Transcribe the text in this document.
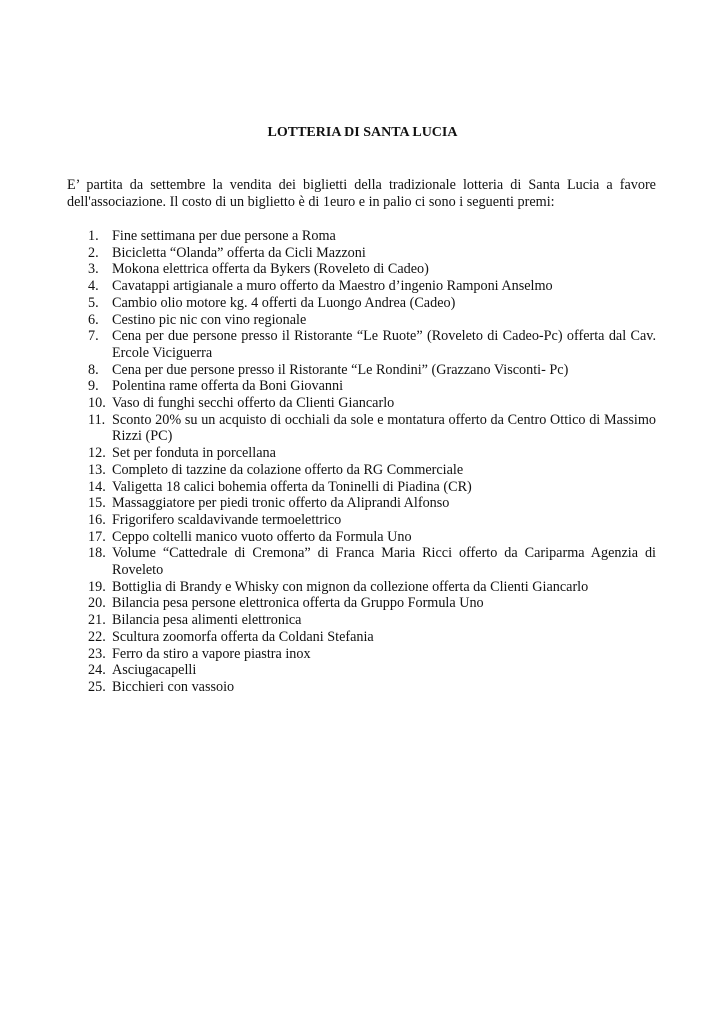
LOTTERIA DI SANTA LUCIA

E’ partita da settembre la vendita dei biglietti della tradizionale lotteria di Santa Lucia a favore dell'associazione. Il costo di un biglietto è di 1euro e in palio ci sono i seguenti premi:

1. Fine settimana per due persone a Roma
2. Bicicletta “Olanda” offerta da Cicli Mazzoni
3. Mokona elettrica offerta da Bykers (Roveleto di Cadeo)
4. Cavatappi artigianale a muro offerto da Maestro d’ingenio Ramponi Anselmo
5. Cambio olio motore kg. 4 offerti da Luongo Andrea (Cadeo)
6. Cestino pic nic con vino regionale
7. Cena per due persone presso il Ristorante “Le Ruote” (Roveleto di Cadeo-Pc) offerta dal Cav. Ercole Viciguerra
8. Cena per due persone presso il Ristorante “Le Rondini” (Grazzano Visconti- Pc)
9. Polentina rame offerta da Boni Giovanni
10. Vaso di funghi secchi offerto da Clienti Giancarlo
11. Sconto 20% su un acquisto di occhiali da sole e montatura offerto da Centro Ottico di Massimo Rizzi (PC)
12. Set per fonduta in porcellana
13. Completo di tazzine da colazione offerto da RG Commerciale
14. Valigetta 18 calici bohemia offerta da Toninelli di Piadina (CR)
15. Massaggiatore per piedi tronic offerto da Aliprandi Alfonso
16. Frigorifero scaldavivande termoelettrico
17. Ceppo coltelli manico vuoto offerto da Formula Uno
18. Volume “Cattedrale di Cremona” di Franca Maria Ricci offerto da Cariparma Agenzia di Roveleto
19. Bottiglia di Brandy e Whisky con mignon da collezione offerta da Clienti Giancarlo
20. Bilancia pesa persone elettronica offerta da Gruppo Formula Uno
21. Bilancia pesa alimenti elettronica
22. Scultura zoomorfa offerta da Coldani Stefania
23. Ferro da stiro a vapore piastra inox
24. Asciugacapelli
25. Bicchieri con vassoio
